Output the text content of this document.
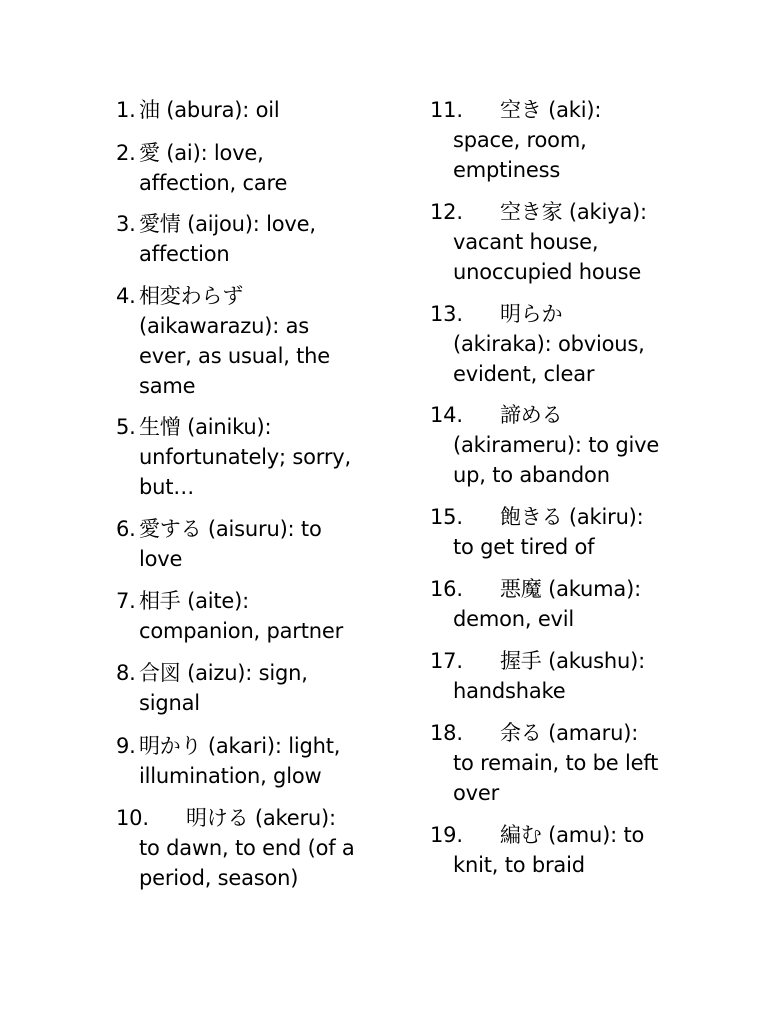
1. 油 (abura): oil
2. 愛 (ai): love,
affection, care
3. 愛情 (aijou): love,
affection
4. 相変わらず
(aikawarazu): as
ever, as usual, the
same
5. 生憎 (ainiku):
unfortunately; sorry,
but…
6. 愛する (aisuru): to
love
7. 相手 (aite):
companion, partner
8. 合図 (aizu): sign,
signal
9. 明かり (akari): light,
illumination, glow
10. 明ける (akeru):
to dawn, to end (of a
period, season)
11. 空き (aki):
space, room,
emptiness
12. 空き家 (akiya):
vacant house,
unoccupied house
13. 明らか
(akiraka): obvious,
evident, clear
14. 諦める
(akirameru): to give
up, to abandon
15. 飽きる (akiru):
to get tired of
16. 悪魔 (akuma):
demon, evil
17. 握手 (akushu):
handshake
18. 余る (amaru):
to remain, to be left
over
19. 編む (amu): to
knit, to braid
